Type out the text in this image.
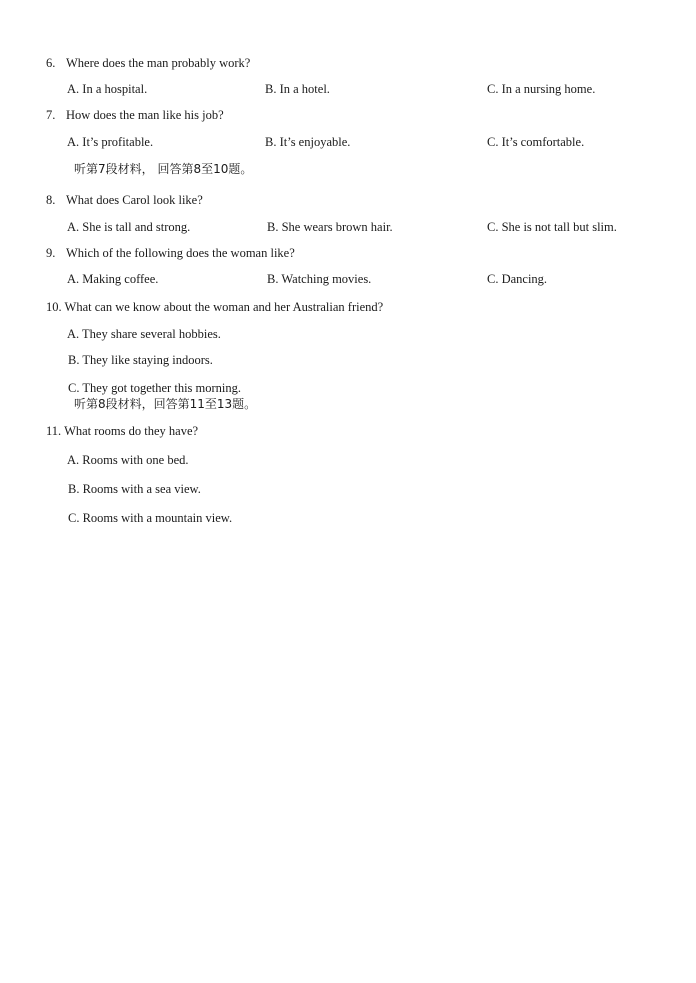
6. Where does the man probably work?
A. In a hospital.	B. In a hotel.	C. In a nursing home.
7. How does the man like his job?
A. It’s profitable.	B. It’s enjoyable.	C. It’s comfortable.
听第7段材料， 回答第8至10题。
8. What does Carol look like?
A. She is tall and strong.	B. She wears brown hair.	C. She is not tall but slim.
9. Which of the following does the woman like?
A. Making coffee.	B. Watching movies.	C. Dancing.
10. What can we know about the woman and her Australian friend?
A. They share several hobbies.
B. They like staying indoors.
C. They got together this morning.
听第8段材料，回答第11至13题。
11. What rooms do they have?
A. Rooms with one bed.
B. Rooms with a sea view.
C. Rooms with a mountain view.
